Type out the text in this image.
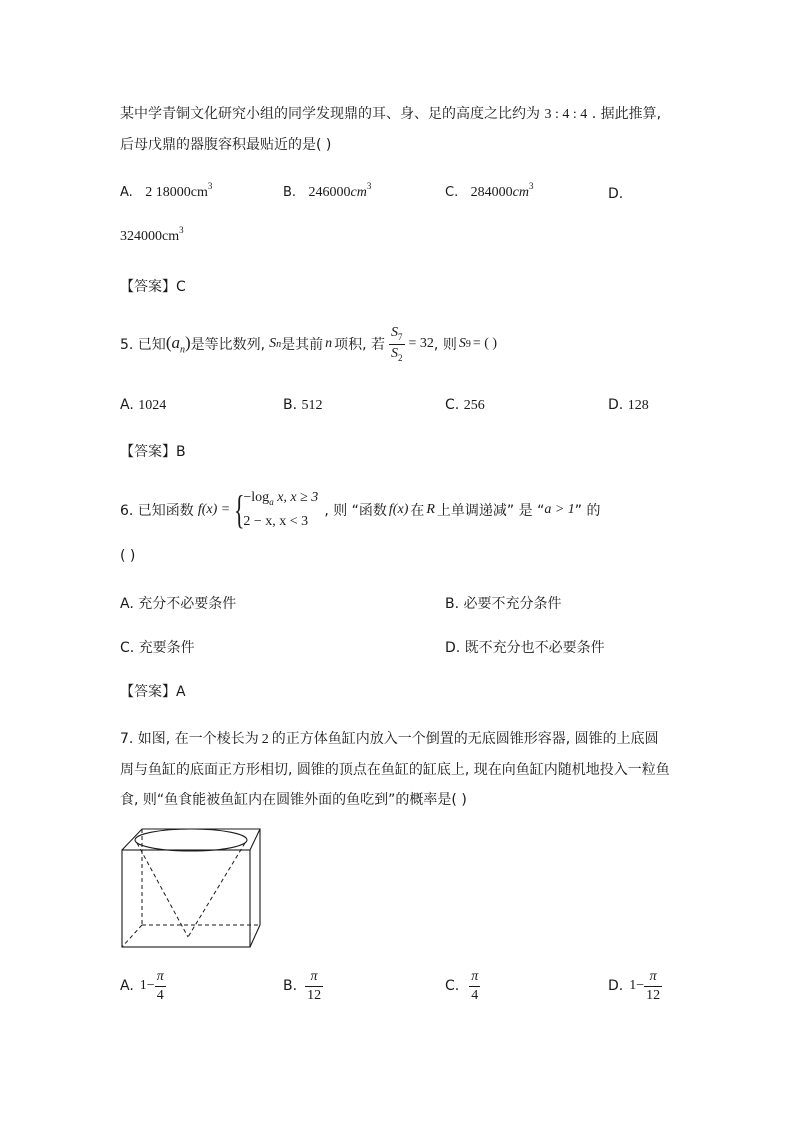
某中学青铜文化研究小组的同学发现鼎的耳、身、足的高度之比约为 3 : 4 : 4 . 据此推算,
后母戊鼎的器腹容积最贴近的是( )
A. 2 $18000cm^3$	B. $246000cm^3$	C. $284000cm^3$	D.
$324000cm^3$
【答案】C
5. 已知 $(a_n)$ 是等比数列, S n 是其前 n 项积, 若 $\frac{S_7}{S_2} = 32$ , 则 S 9 = ( )
A. 1024	B. 512	C. 256	D. 128
【答案】B
6. 已知函数 f(x) = {
$-\log_a$ x, x ≥ 3
2 − x, x < 3
, 则 “函数 f(x) 在 R 上单调递减” 是 “ a > 1 ” 的
( )
A. 充分不必要条件	B. 必要不充分条件
C. 充要条件	D. 既不充分也不必要条件
【答案】A
7. 如图, 在一个棱长为 2 的正方体鱼缸内放入一个倒置的无底圆锥形容器, 圆锥的上底圆
周与鱼缸的底面正方形相切, 圆锥的顶点在鱼缸的缸底上, 现在向鱼缸内随机地投入一粒鱼
食, 则“鱼食能被鱼缸内在圆锥外面的鱼吃到”的概率是( )
A. $1- \frac{\pi}{4}$	B. $\frac{\pi}{12}$	C. $\frac{\pi}{4}$	D. $1- \frac{\pi}{12}$
